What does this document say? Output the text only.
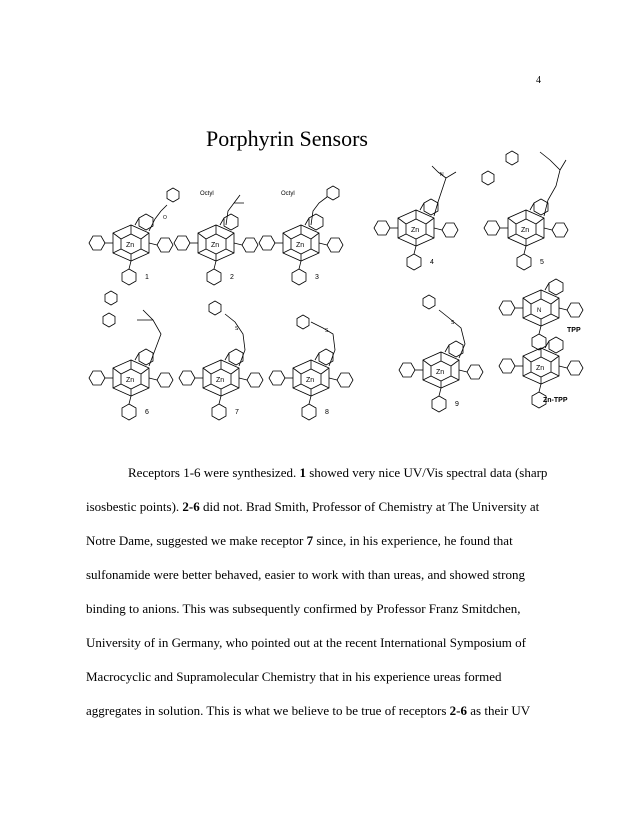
4
Porphyrin Sensors
Zn
O
1
Octyl
Zn
2
Octyl
Zn
3
N
Zn
4
Zn
5
Zn
6
S
Zn
7
S
Zn
8
S
Zn
9
N
TPP
Zn
Zn-TPP
Receptors 1-6 were synthesized. 1 showed very nice UV/Vis spectral data (sharp
isosbestic points). 2-6 did not. Brad Smith, Professor of Chemistry at The University at
Notre Dame, suggested we make receptor 7 since, in his experience, he found that
sulfonamide were better behaved, easier to work with than ureas, and showed strong
binding to anions. This was subsequently confirmed by Professor Franz Smitdchen,
University of in Germany, who pointed out at the recent International Symposium of
Macrocyclic and Supramolecular Chemistry that in his experience ureas formed
aggregates in solution. This is what we believe to be true of receptors 2-6 as their UV
